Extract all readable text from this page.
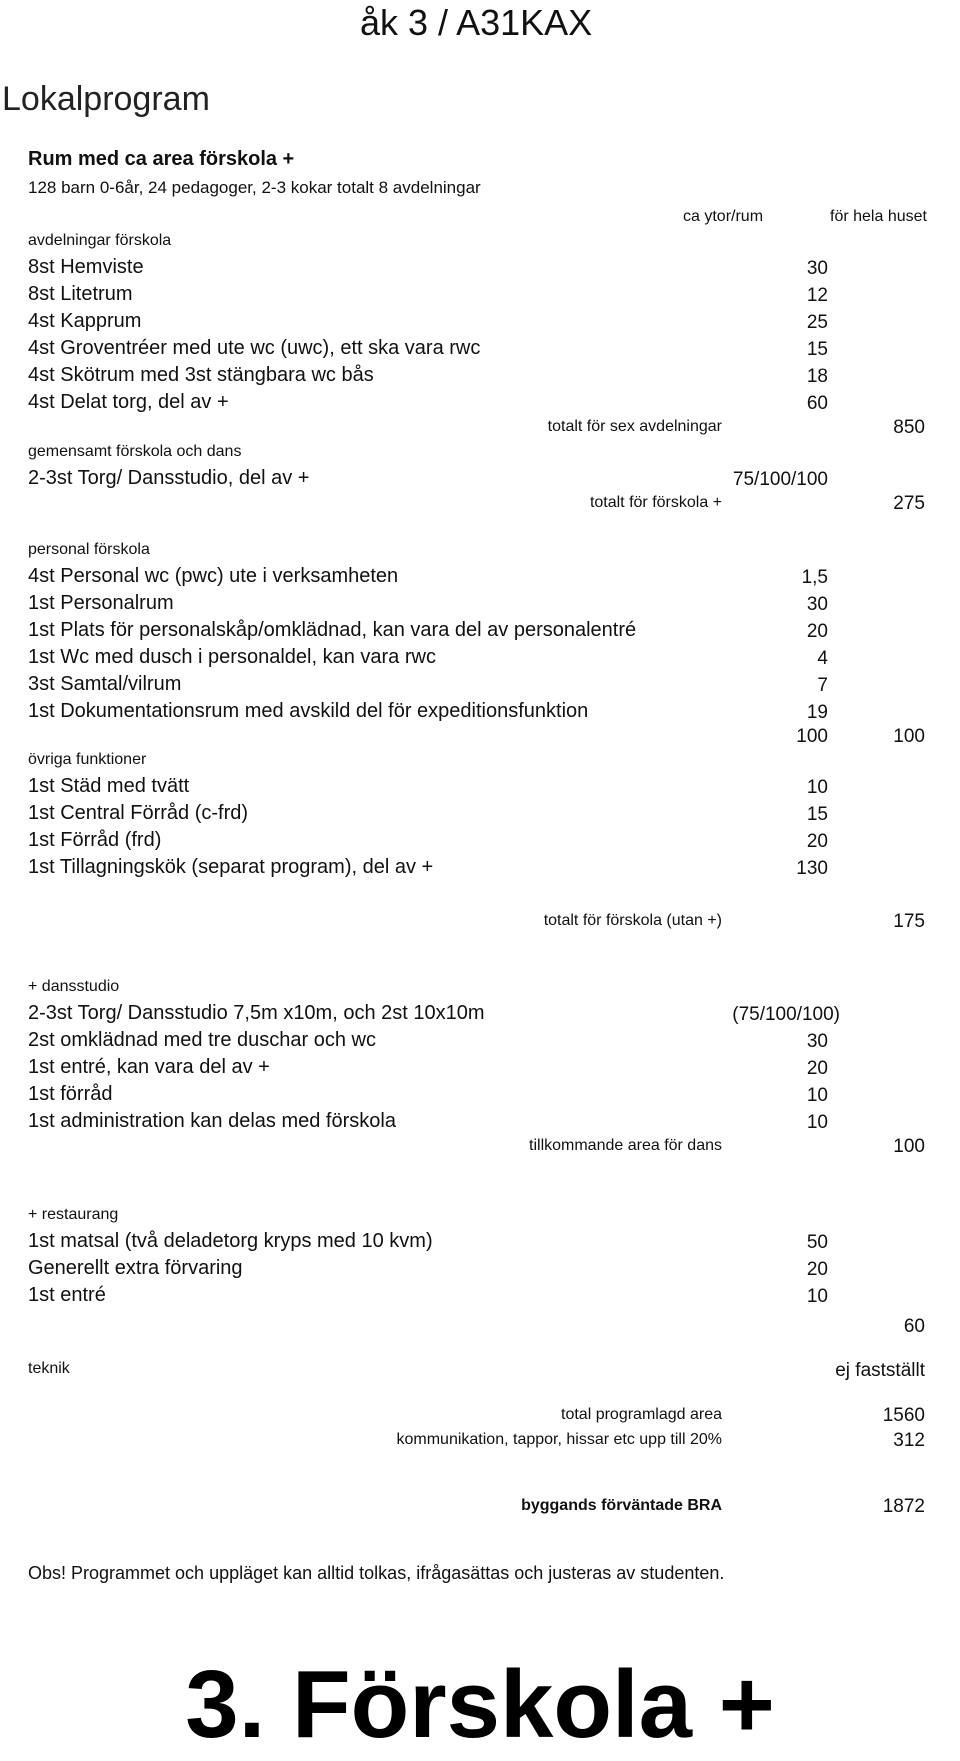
åk 3 / A31KAX
Lokalprogram
Rum med ca area förskola +
128 barn 0-6år, 24 pedagoger, 2-3 kokar totalt 8 avdelningar
ca ytor/rum	för hela huset
avdelningar förskola
8st Hemviste	30
8st Litetrum	12
4st Kapprum	25
4st Groventréer med ute wc (uwc), ett ska vara rwc	15
4st Skötrum med 3st stängbara wc bås	18
4st Delat torg, del av +	60
totalt för sex avdelningar	850
gemensamt förskola och dans
2-3st Torg/ Dansstudio, del av +	75/100/100
totalt för förskola +	275
personal förskola
4st Personal wc (pwc) ute i verksamheten	1,5
1st Personalrum	30
1st Plats för personalskåp/omklädnad, kan vara del av personalentré	20
1st Wc med dusch i personaldel, kan vara rwc	4
3st Samtal/vilrum	7
1st Dokumentationsrum med avskild del för expeditionsfunktion	19
100	100
övriga funktioner
1st Städ med tvätt	10
1st Central Förråd (c-frd)	15
1st Förråd (frd)	20
1st Tillagningskök (separat program), del av +	130
totalt för förskola (utan +)	175
+ dansstudio
2-3st Torg/ Dansstudio 7,5m x10m, och 2st 10x10m	(75/100/100)
2st omklädnad med tre duschar och wc	30
1st entré, kan vara del av +	20
1st förråd	10
1st administration kan delas med förskola	10
tillkommande area för dans	100
+ restaurang
1st matsal (två deladetorg kryps med 10 kvm)	50
Generellt extra förvaring	20
1st entré	10
60
teknik	ej fastställt
total programlagd area	1560
kommunikation, tappor, hissar etc upp till 20%	312
byggands förväntade BRA	1872
Obs! Programmet och uppläget kan alltid tolkas, ifrågasättas och justeras av studenten.
3. Förskola +
